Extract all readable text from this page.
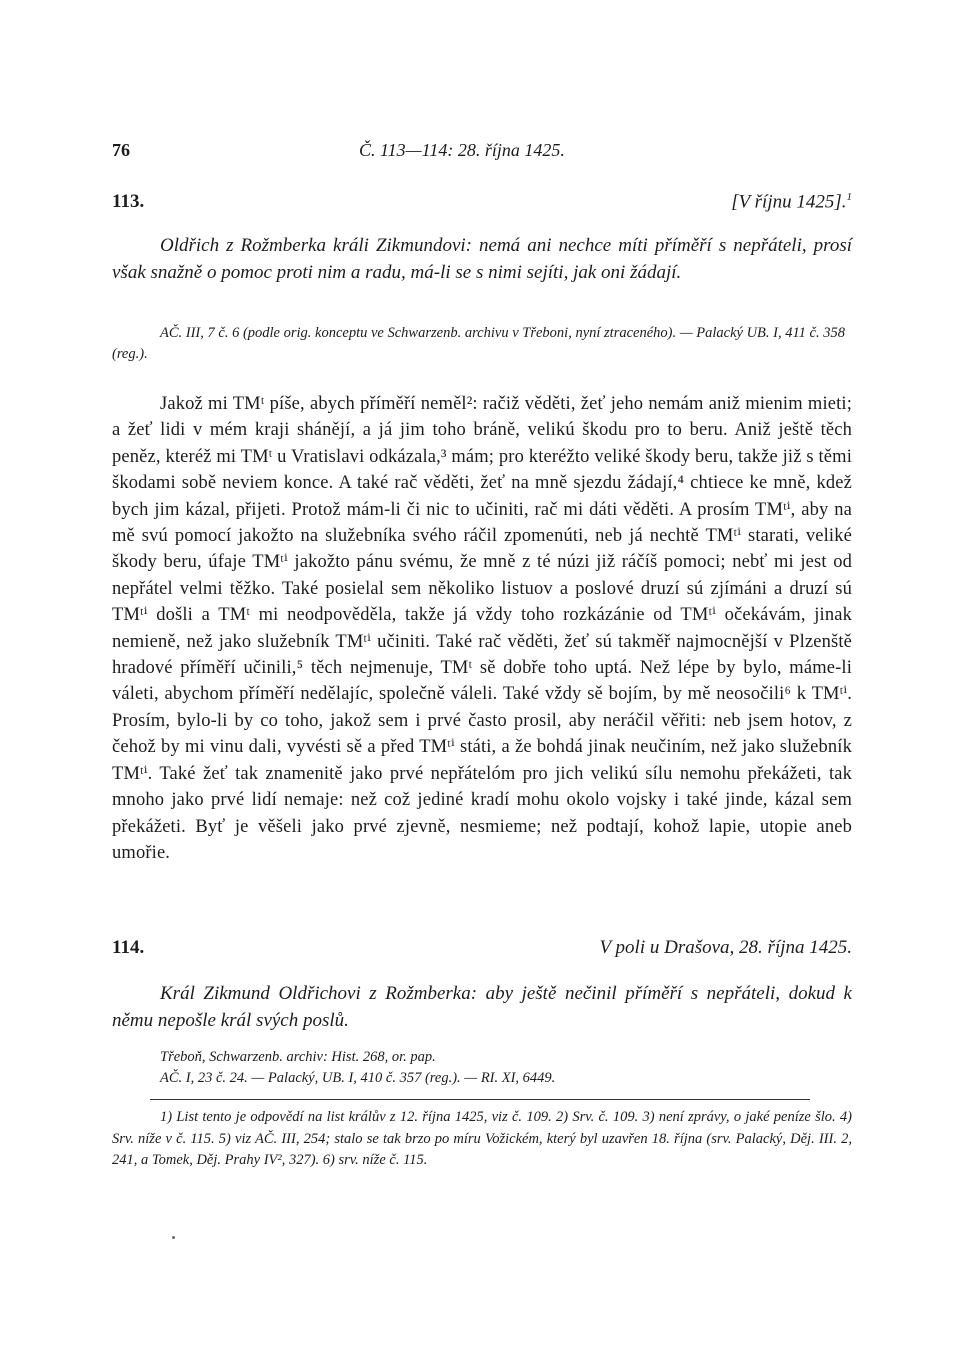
76	Č. 113—114: 28. října 1425.
113.	[V říjnu 1425].$^1$

Oldřich z Rožmberka králi Zikmundovi: nemá ani nechce míti příměří s nepřáteli, prosí však snažně o pomoc proti nim a radu, má-li se s nimi sejíti, jak oni žádají.

AČ. III, 7 č. 6 (podle orig. konceptu ve Schwarzenb. archivu v Třeboni, nyní ztraceného). — Palacký UB. I, 411 č. 358 (reg.).

Jakož mi TMᵗ píše, abych příměří neměl²: račiž věděti, žeť jeho nemám aniž mienim mieti; a žeť lidi v mém kraji shánějí, a já jim toho bráně, velikú škodu pro to beru. Aniž ještě těch peněz, kteréž mi TMᵗ u Vratislavi odkázala,³ mám; pro kteréžto veliké škody beru, takže již s těmi škodami sobě neviem konce. A také rač věděti, žeť na mně sjezdu žádají,⁴ chtiece ke mně, kdež bych jim kázal, přijeti. Protož mám-li či nic to učiniti, rač mi dáti věděti. A prosím TMᵗⁱ, aby na mě svú pomocí jakožto na služebníka svého ráčil zpomenúti, neb já nechtě TMᵗⁱ starati, veliké škody beru, úfaje TMᵗⁱ jakožto pánu svému, že mně z té núzi již ráčíš pomoci; nebť mi jest od nepřátel velmi těžko. Také posielal sem několiko listuov a poslové druzí sú zjímáni a druzí sú TMᵗⁱ došli a TMᵗ mi neodpověděla, takže já vždy toho rozkázánie od TMᵗⁱ očekávám, jinak nemieně, než jako služebník TMᵗⁱ učiniti. Také rač věděti, žeť sú takměř najmocnější v Plzenště hradové příměří učinili,⁵ těch nejmenuje, TMᵗ sě dobře toho uptá. Než lépe by bylo, máme-li váleti, abychom příměří nedělajíc, společně váleli. Také vždy sě bojím, by mě neosočili⁶ k TMᵗⁱ. Prosím, bylo-li by co toho, jakož sem i prvé často prosil, aby neráčil věřiti: neb jsem hotov, z čehož by mi vinu dali, vyvésti sě a před TMᵗⁱ státi, a že bohdá jinak neučiním, než jako služebník TMᵗⁱ. Také žeť tak znamenitě jako prvé nepřátelóm pro jich velikú sílu nemohu překážeti, tak mnoho jako prvé lidí nemaje: než což jediné kradí mohu okolo vojsky i také jinde, kázal sem překážeti. Byť je věšeli jako prvé zjevně, nesmieme; než podtají, kohož lapie, utopie aneb umořie.

114.	V poli u Drašova, 28. října 1425.

Král Zikmund Oldřichovi z Rožmberka: aby ještě nečinil příměří s nepřáteli, dokud k němu nepošle král svých poslů.

Třeboň, Schwarzenb. archiv: Hist. 268, or. pap.

AČ. I, 23 č. 24. — Palacký, UB. I, 410 č. 357 (reg.). — RI. XI, 6449.

1) List tento je odpovědí na list králův z 12. října 1425, viz č. 109. 2) Srv. č. 109. 3) není zprávy, o jaké peníze šlo. 4) Srv. níže v č. 115. 5) viz AČ. III, 254; stalo se tak brzo po míru Vožickém, který byl uzavřen 18. října (srv. Palacký, Děj. III. 2, 241, a Tomek, Děj. Prahy IV², 327). 6) srv. níže č. 115.
